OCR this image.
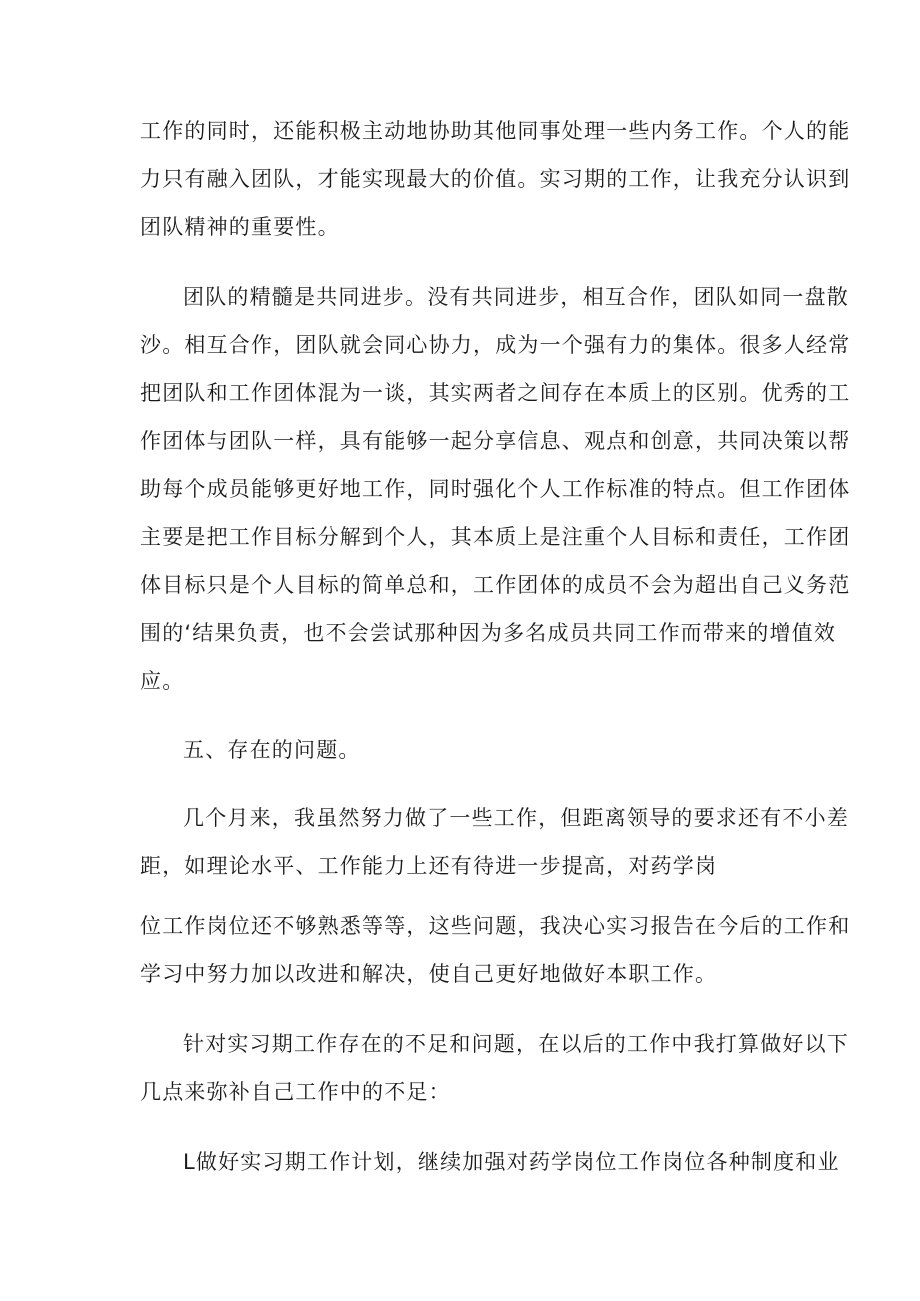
工作的同时，还能积极主动地协助其他同事处理一些内务工作。个人的能
力只有融入团队，才能实现最大的价值。实习期的工作，让我充分认识到
团队精神的重要性。
团队的精髓是共同进步。没有共同进步，相互合作，团队如同一盘散
沙。相互合作，团队就会同心协力，成为一个强有力的集体。很多人经常
把团队和工作团体混为一谈，其实两者之间存在本质上的区别。优秀的工
作团体与团队一样，具有能够一起分享信息、观点和创意，共同决策以帮
助每个成员能够更好地工作，同时强化个人工作标准的特点。但工作团体
主要是把工作目标分解到个人，其本质上是注重个人目标和责任，工作团
体目标只是个人目标的简单总和，工作团体的成员不会为超出自己义务范
围的‘结果负责，也不会尝试那种因为多名成员共同工作而带来的增值效
应。
五、存在的问题。
几个月来，我虽然努力做了一些工作，但距离领导的要求还有不小差
距，如理论水平、工作能力上还有待进一步提高，对药学岗
位工作岗位还不够熟悉等等，这些问题，我决心实习报告在今后的工作和
学习中努力加以改进和解决，使自己更好地做好本职工作。
针对实习期工作存在的不足和问题，在以后的工作中我打算做好以下
几点来弥补自己工作中的不足：
L做好实习期工作计划，继续加强对药学岗位工作岗位各种制度和业
